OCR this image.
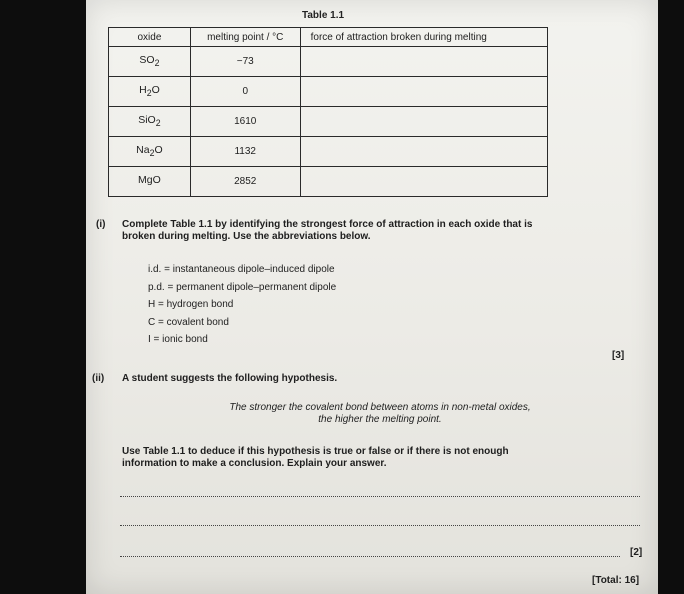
Table 1.1
oxide	melting point / °C	force of attraction broken during melting
$SO_2$	−73	
$H_2O$	0	
SiO$_2$	1610	
$Na_2O$	1132	
MgO	2852	
(i) Complete Table 1.1 by identifying the strongest force of attraction in each oxide that is
broken during melting. Use the abbreviations below.
i.d. = instantaneous dipole–induced dipole
p.d. = permanent dipole–permanent dipole
H = hydrogen bond
C = covalent bond
I = ionic bond
[3]
(ii) A student suggests the following hypothesis.
The stronger the covalent bond between atoms in non-metal oxides,
the higher the melting point.
Use Table 1.1 to deduce if this hypothesis is true or false or if there is not enough
information to make a conclusion. Explain your answer.
[2]
[Total: 16]
